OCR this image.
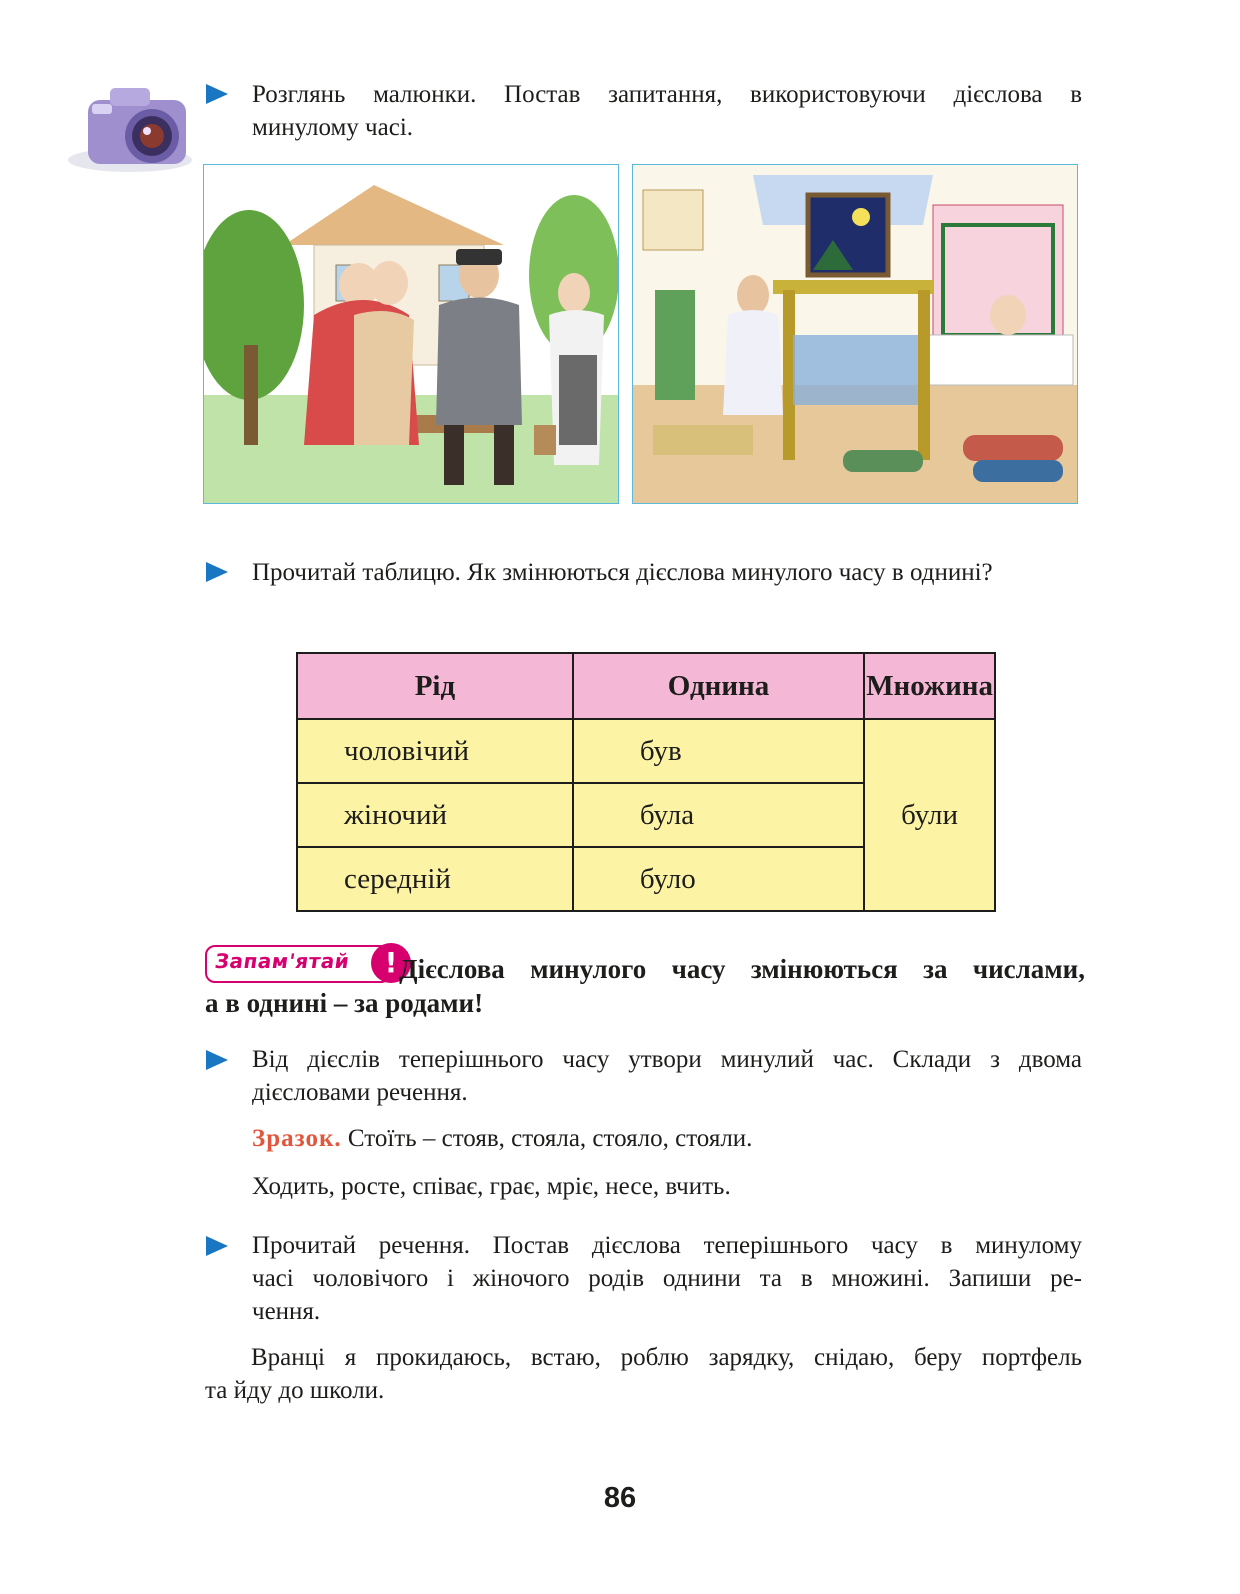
Розглянь малюнки. Постав запитання, використовуючи дієслова в
минулому часі.
Прочитай таблицю. Як змінюються дієслова минулого часу в однині?
Рід	Однина	Множина
чоловічий	був	були
жіночий	була	
середній	було	
Запам'ятай	! Дієслова минулого часу змінюються за числами,
а в однині – за родами!
Від дієслів теперішнього часу утвори минулий час. Склади з двома
дієсловами речення.
Зразок. Стоїть – стояв, стояла, стояло, стояли.
Ходить, росте, співає, грає, мріє, несе, вчить.
Прочитай речення. Постав дієслова теперішнього часу в минулому
часі чоловічого і жіночого родів однини та в множині. Запиши ре-
чення.
Вранці я прокидаюсь, встаю, роблю зарядку, снідаю, беру портфель
та йду до школи.
86
